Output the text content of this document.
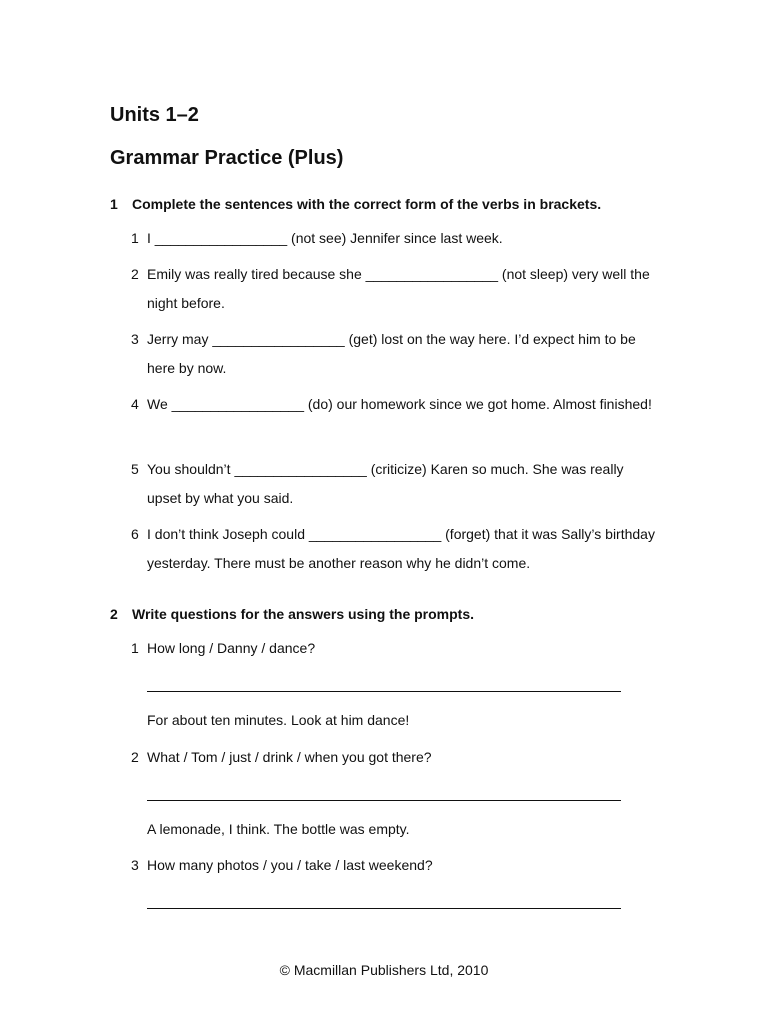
Units 1–2
Grammar Practice (Plus)
1	Complete the sentences with the correct form of the verbs in brackets.
1 I _________________ (not see) Jennifer since last week.
2 Emily was really tired because she _________________ (not sleep) very well the night before.
3 Jerry may _________________ (get) lost on the way here. I’d expect him to be here by now.
4 We _________________ (do) our homework since we got home. Almost finished!
5 You shouldn’t _________________ (criticize) Karen so much. She was really upset by what you said.
6 I don’t think Joseph could _________________ (forget) that it was Sally’s birthday yesterday. There must be another reason why he didn’t come.
2	Write questions for the answers using the prompts.
1 How long / Danny / dance?
For about ten minutes. Look at him dance!
2 What / Tom / just / drink / when you got there?
A lemonade, I think. The bottle was empty.
3 How many photos / you / take / last weekend?
© Macmillan Publishers Ltd, 2010
